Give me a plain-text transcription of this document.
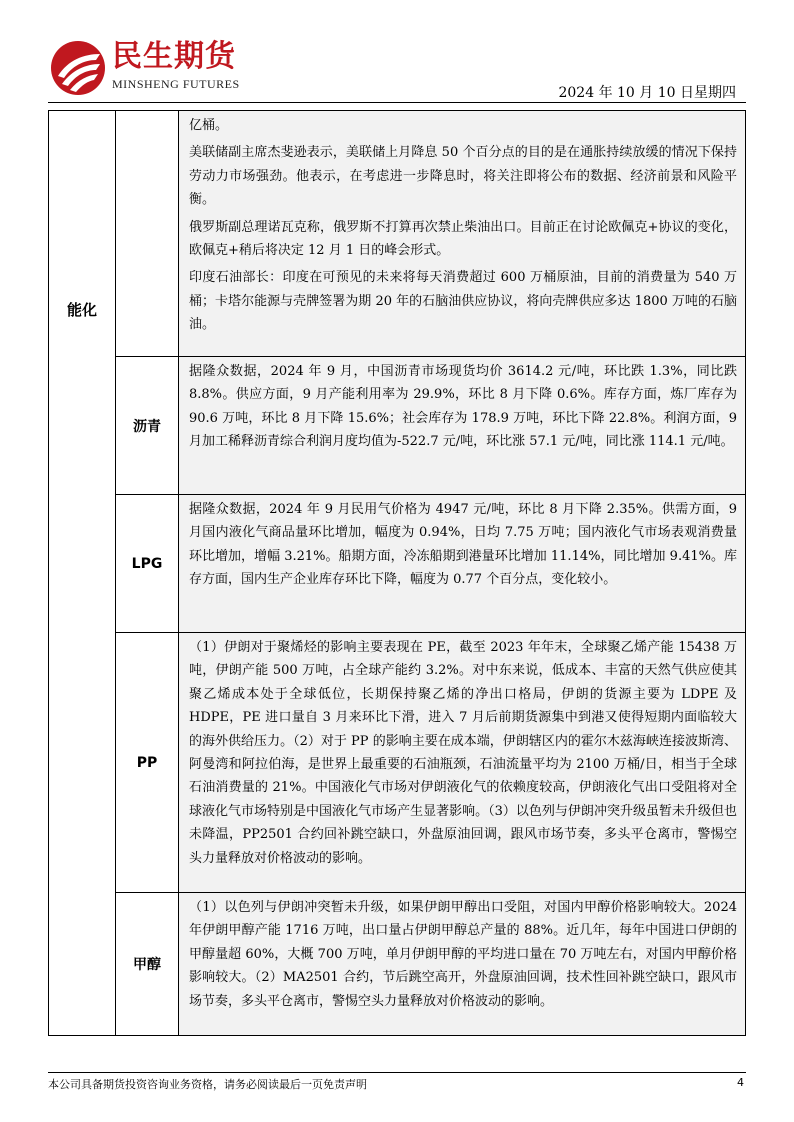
民生期货
MINSHENG FUTURES
2024 年 10 月 10 日星期四
能化

亿桶。

美联储副主席杰斐逊表示，美联储上月降息 50 个百分点的目的是在通胀持续放缓的情况下保持劳动力市场强劲。他表示，在考虑进一步降息时，将关注即将公布的数据、经济前景和风险平衡。

俄罗斯副总理诺瓦克称，俄罗斯不打算再次禁止柴油出口。目前正在讨论欧佩克+协议的变化，欧佩克+稍后将决定 12 月 1 日的峰会形式。

印度石油部长：印度在可预见的未来将每天消费超过 600 万桶原油，目前的消费量为 540 万桶；卡塔尔能源与壳牌签署为期 20 年的石脑油供应协议，将向壳牌供应多达 1800 万吨的石脑油。

沥青

据隆众数据，2024 年 9 月，中国沥青市场现货均价 3614.2 元/吨，环比跌 1.3%，同比跌 8.8%。供应方面，9 月产能利用率为 29.9%，环比 8 月下降 0.6%。库存方面，炼厂库存为 90.6 万吨，环比 8 月下降 15.6%；社会库存为 178.9 万吨，环比下降 22.8%。利润方面，9 月加工稀释沥青综合利润月度均值为-522.7 元/吨，环比涨 57.1 元/吨，同比涨 114.1 元/吨。

LPG

据隆众数据，2024 年 9 月民用气价格为 4947 元/吨，环比 8 月下降 2.35%。供需方面，9 月国内液化气商品量环比增加，幅度为 0.94%，日均 7.75 万吨；国内液化气市场表观消费量环比增加，增幅 3.21%。船期方面，冷冻船期到港量环比增加 11.14%，同比增加 9.41%。库存方面，国内生产企业库存环比下降，幅度为 0.77 个百分点，变化较小。

PP

（1）伊朗对于聚烯烃的影响主要表现在 PE，截至 2023 年年末，全球聚乙烯产能 15438 万吨，伊朗产能 500 万吨，占全球产能约 3.2%。对中东来说，低成本、丰富的天然气供应使其聚乙烯成本处于全球低位，长期保持聚乙烯的净出口格局，伊朗的货源主要为 LDPE 及 HDPE，PE 进口量自 3 月来环比下滑，进入 7 月后前期货源集中到港又使得短期内面临较大的海外供给压力。（2）对于 PP 的影响主要在成本端，伊朗辖区内的霍尔木兹海峡连接波斯湾、阿曼湾和阿拉伯海，是世界上最重要的石油瓶颈，石油流量平均为 2100 万桶/日，相当于全球石油消费量的 21%。中国液化气市场对伊朗液化气的依赖度较高，伊朗液化气出口受阻将对全球液化气市场特别是中国液化气市场产生显著影响。（3）以色列与伊朗冲突升级虽暂未升级但也未降温，PP2501 合约回补跳空缺口，外盘原油回调，跟风市场节奏，多头平仓离市，警惕空头力量释放对价格波动的影响。

甲醇

（1）以色列与伊朗冲突暂未升级，如果伊朗甲醇出口受阻，对国内甲醇价格影响较大。2024 年伊朗甲醇产能 1716 万吨，出口量占伊朗甲醇总产量的 88%。近几年，每年中国进口伊朗的甲醇量超 60%，大概 700 万吨，单月伊朗甲醇的平均进口量在 70 万吨左右，对国内甲醇价格影响较大。（2）MA2501 合约，节后跳空高开，外盘原油回调，技术性回补跳空缺口，跟风市场节奏，多头平仓离市，警惕空头力量释放对价格波动的影响。

本公司具备期货投资咨询业务资格，请务必阅读最后一页免责声明	4
